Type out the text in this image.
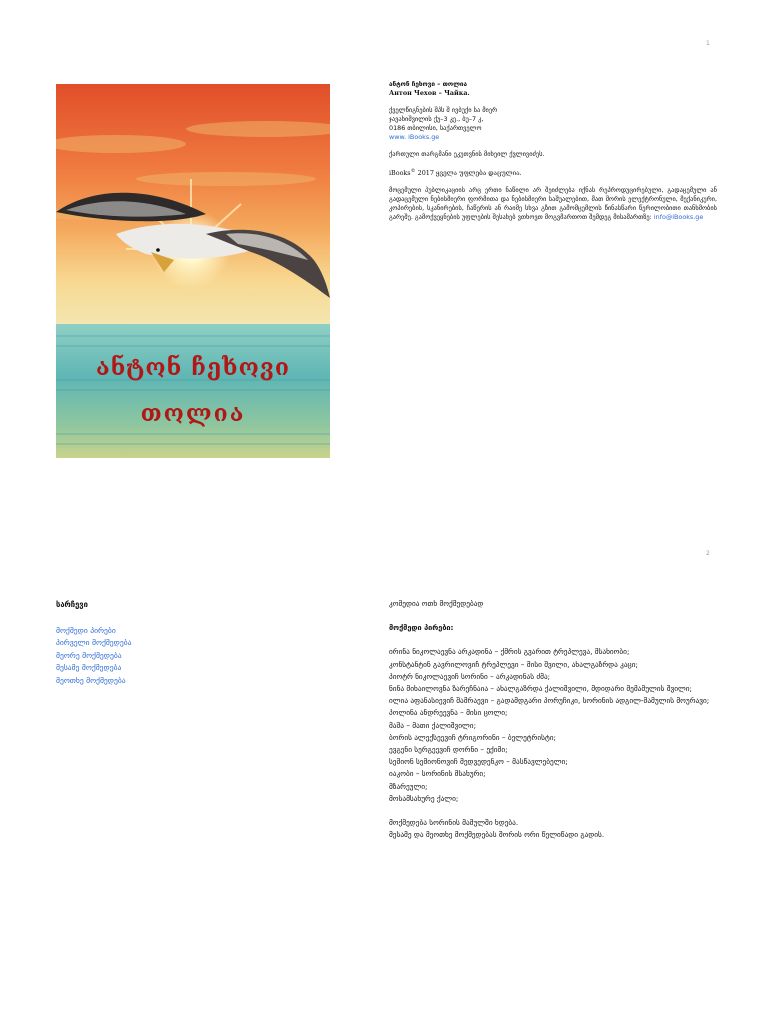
1
ანტონ ჩეხოვი
თოლია
ანტონ ჩეხოვი – თოლია
Антон Чехов – Чайка.
ქველწიგნების შპს შ ივბუქი სა მიერ
ჯავახიშვილის ქუ–3 კე., ბუ–7 კ,
0186 თბილისი, საქართველო
www. iBooks.ge
ქართული თარგმანი ეკუთვნის მიხეილ ქვლივიძეს.
iBooks© 2017 ყველა უფლება დაცულია.
მოცემული პუბლიკაციის არც ერთი ნაწილი არ შეიძლება იქნას რეპროდუცირებული, გადაცემული ან გადაცემული ნებისმიერი ფორმითა და ნებისმიერი საშუალებით, მათ შორის ელექტრონული, მექანიკური, კოპირების, სკანირების, ჩაწერის ან რაიმე სხვა გზით გამომცემლის წინასწარი წერილობითი თანხმობის გარეშე. გამოქვეყნების უფლების შესახებ ვთხოვთ მოგვმართოთ შემდეგ მისამართზე: info@iBooks.ge
2
სარჩევი
მოქმედი პირები
პირველი მოქმედება
მეორე მოქმედება
მესამე მოქმედება
მეოთხე მოქმედება
კომედია ოთხ მოქმედებად
მოქმედი პირები:
ირინა ნიკოლაევნა არკადინა – ქმრის გვარით ტრეპლევა, მსახიობი;
კონსტანტინ გავრილოვიჩ ტრეპლევი – მისი შვილი, ახალგაზრდა კაცი;
პიოტრ ნიკოლაევიჩ სორინი – არკადინას ძმა;
ნინა მიხაილოვნა ზარეჩნაია – ახალგაზრდა ქალიშვილი, მდიდარი მემამულის შვილი;
ილია აფანასიევიჩ შამრაევი – გადამდგარი პორუჩიკი, სორინის ადგილ-მამულის მოურავი;
პოლინა ანდრეევნა – მისი ცოლი;
მაშა – მათი ქალიშვილი;
ბორის ალექსეევიჩ ტრიგორინი – ბელეტრისტი;
ევგენი სერგეევიჩ დორნი – ექიმი;
სემიონ სემიონოვიჩ მედვედენკო – მასწავლებელი;
იაკობი – სორინის მსახური;
მზარეული;
მოსამსახურე ქალი;
მოქმედება სორინის მამულში ხდება.
მესამე და მეოთხე მოქმედებას შორის ორი წელიწადი გადის.
